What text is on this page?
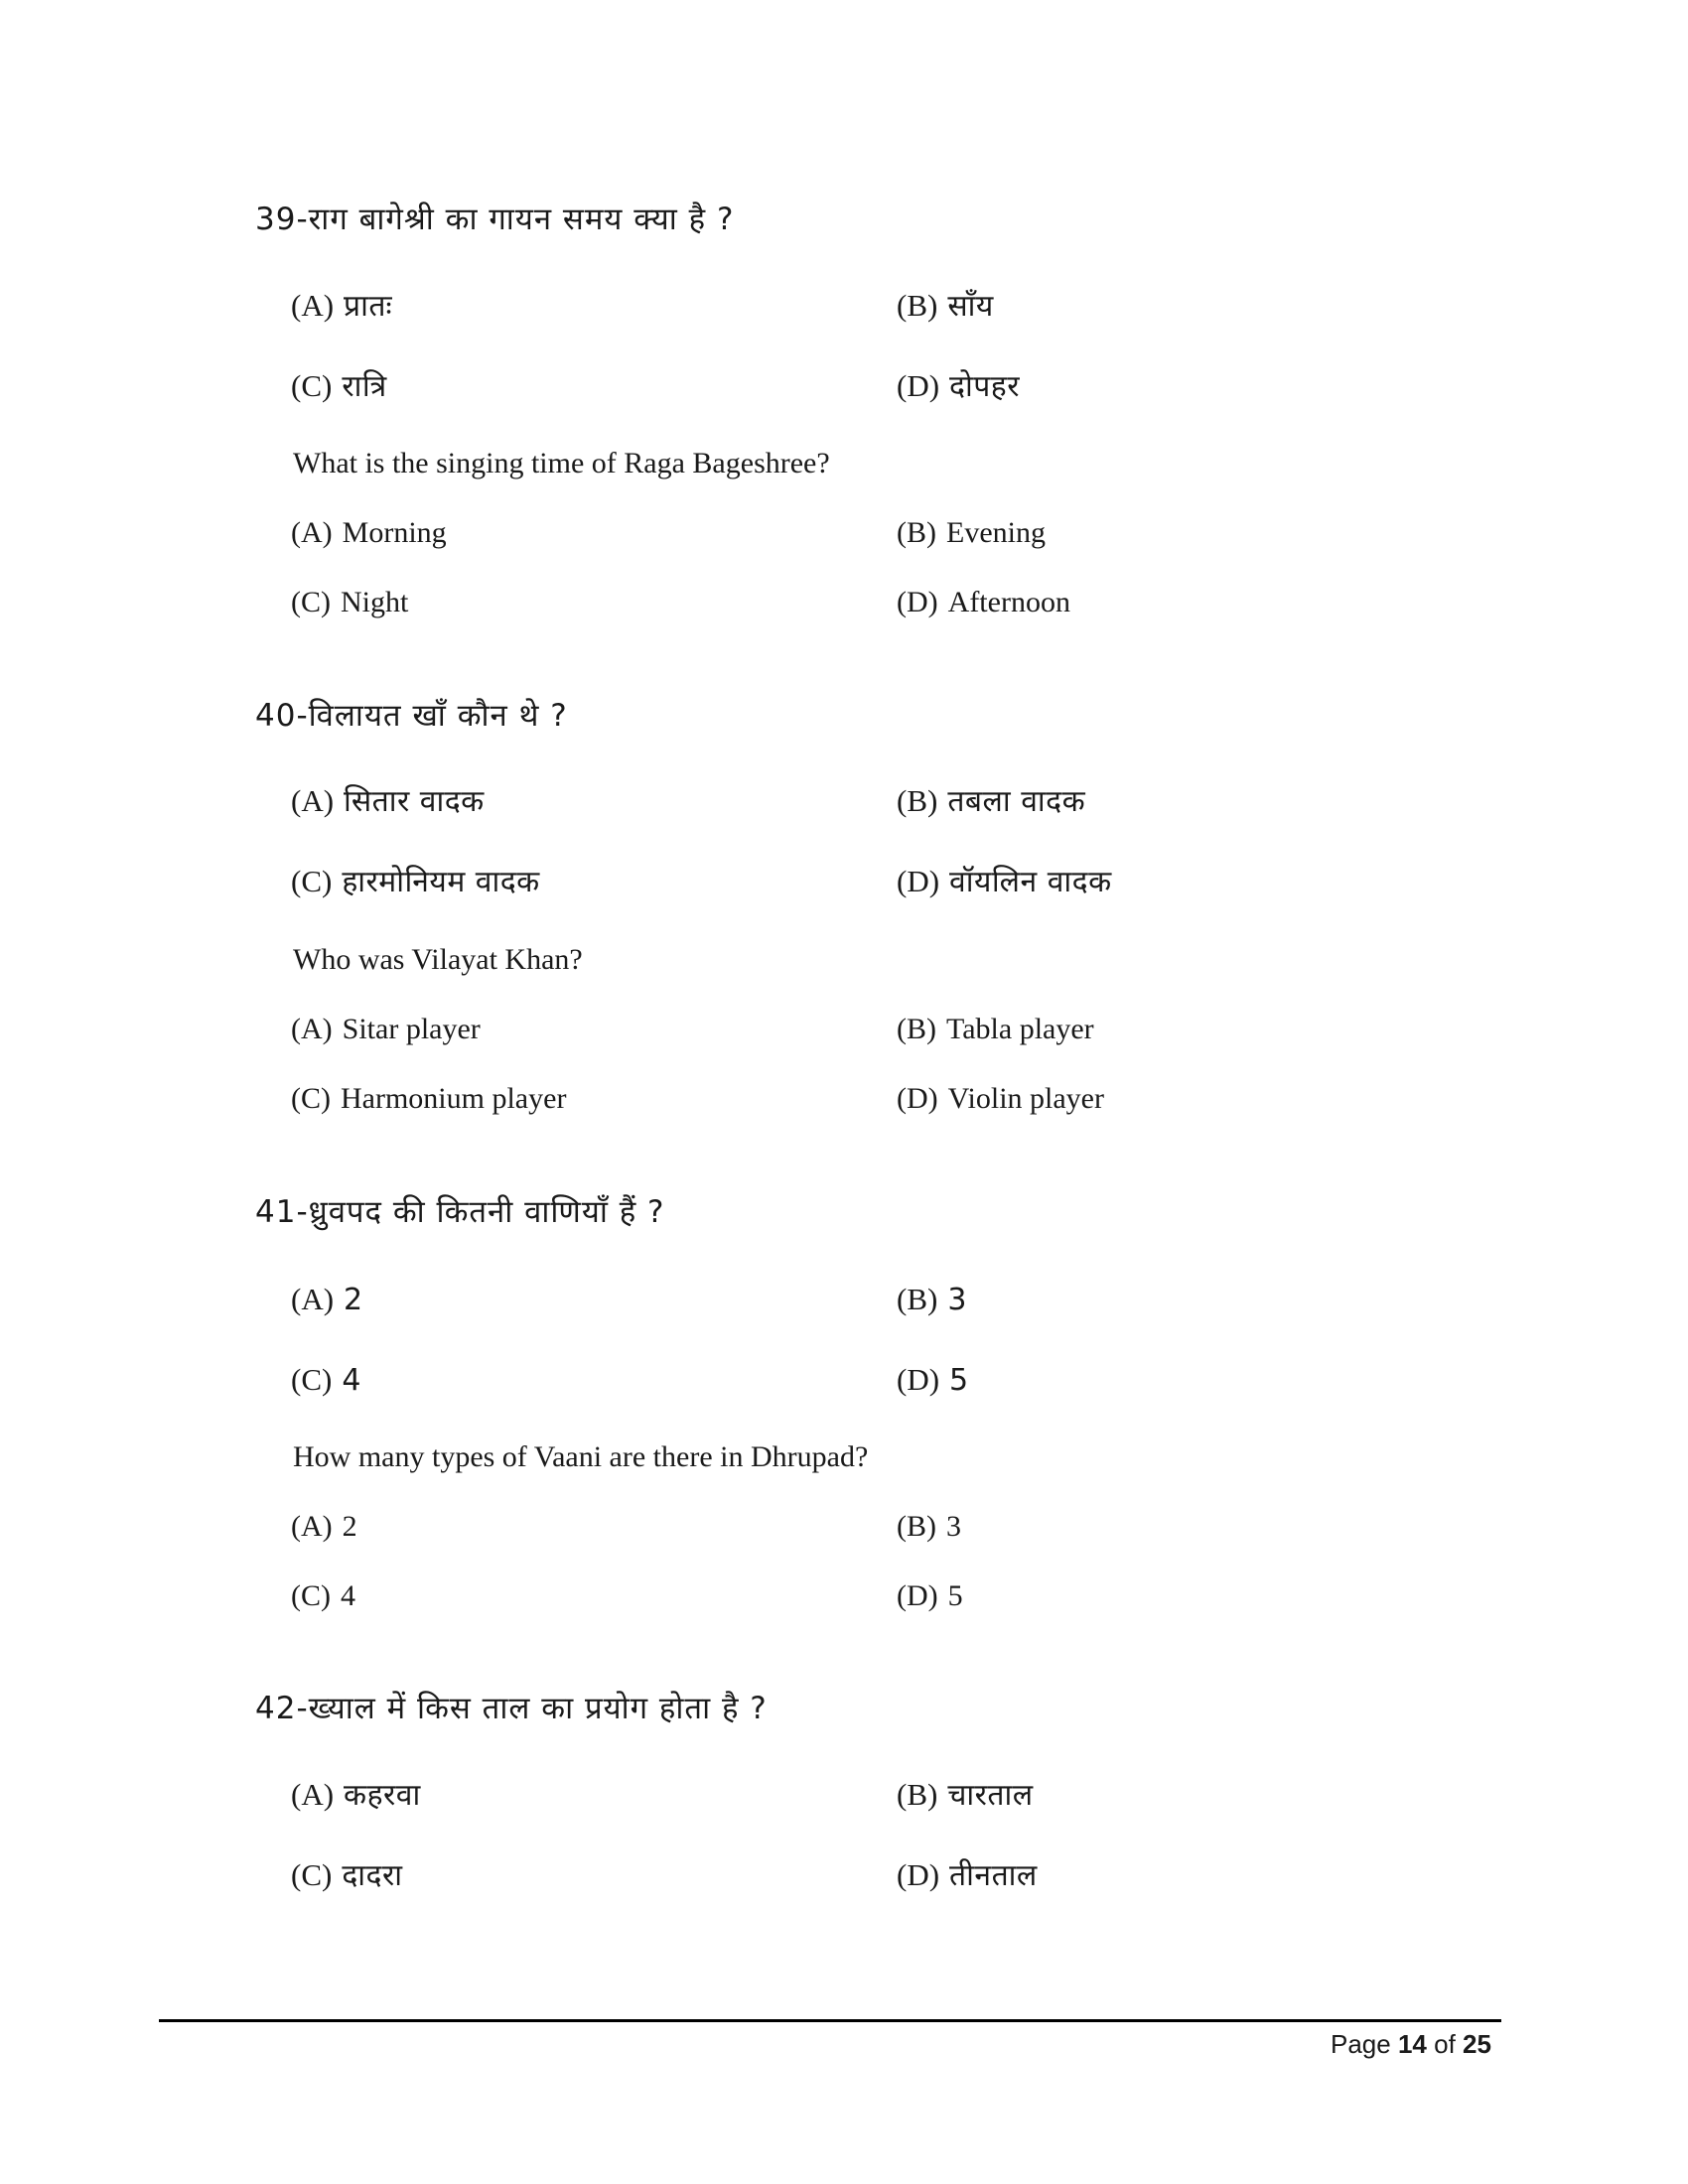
39-राग बागेश्री का गायन समय क्या है ?
(A) प्रातः	(B) साँय
(C) रात्रि	(D) दोपहर
What is the singing time of Raga Bageshree?
(A) Morning	(B) Evening
(C) Night	(D) Afternoon
40-विलायत खाँ कौन थे ?
(A) सितार वादक	(B) तबला वादक
(C) हारमोनियम वादक	(D) वॉयलिन वादक
Who was Vilayat Khan?
(A) Sitar player	(B) Tabla player
(C) Harmonium player	(D) Violin player
41-ध्रुवपद की कितनी वाणियाँ हैं ?
(A) 2	(B) 3
(C) 4	(D) 5
How many types of Vaani are there in Dhrupad?
(A) 2	(B) 3
(C) 4	(D) 5
42-ख्याल में किस ताल का प्रयोग होता है ?
(A) कहरवा	(B) चारताल
(C) दादरा	(D) तीनताल
Page 14 of 25
